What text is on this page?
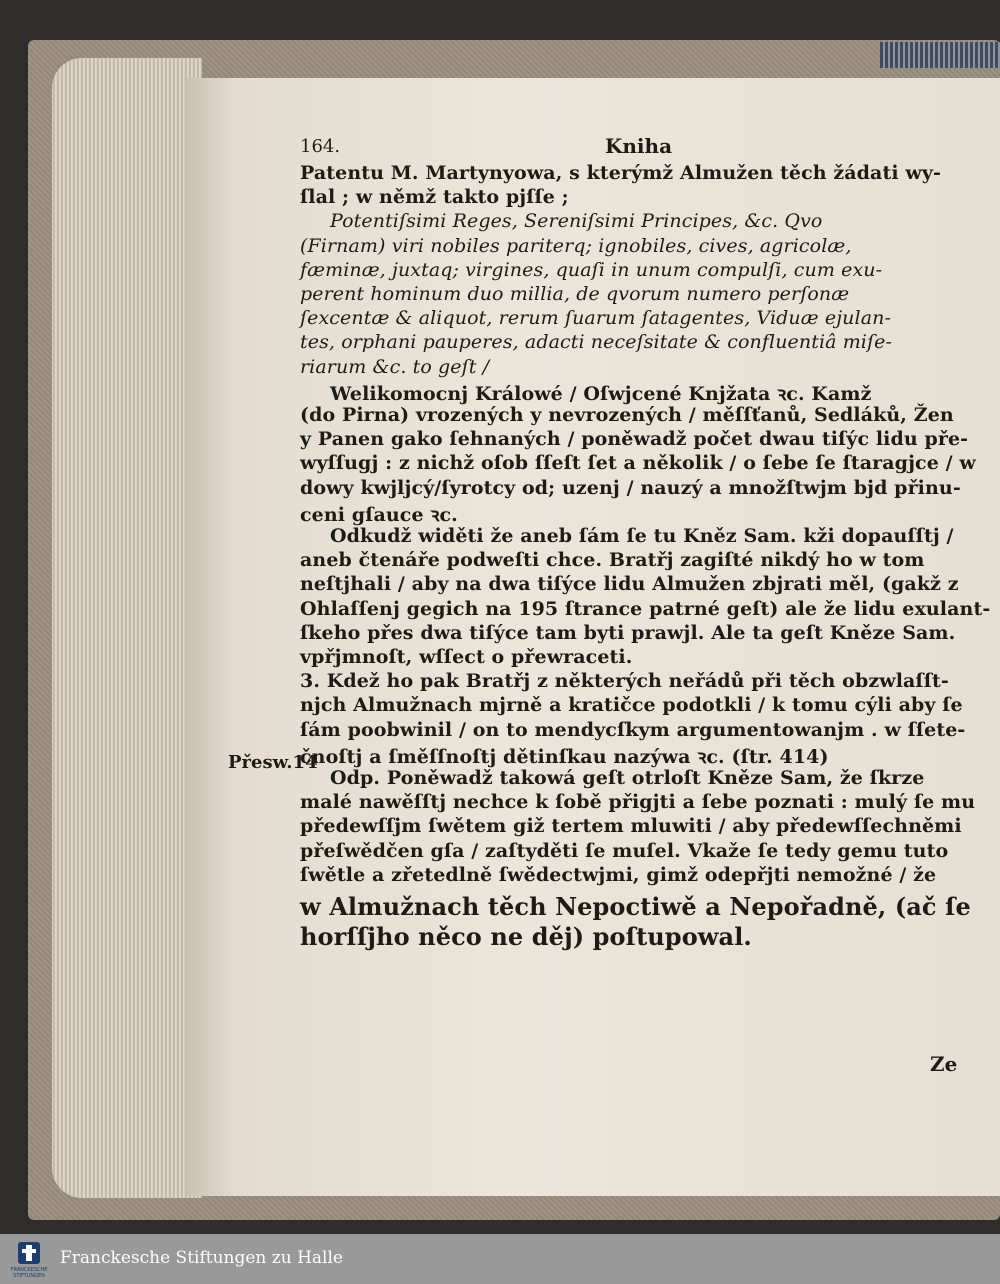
164.	Kniha
Patentu M. Martynyowa, s kterýmž Almužen těch žádati wy-
ſlal ; w němž takto pjſſe ;
Potentiſsimi Reges, Sereniſsimi Principes, &c. Qvo
(Firnam) viri nobiles pariterq; ignobiles, cives, agricolæ,
fæminæ, juxtaq; virgines, quaſi in unum compulſi, cum exu-
perent hominum duo millia, de qvorum numero perſonæ
ſexcentæ & aliquot, rerum ſuarum ſatagentes, Viduæ ejulan-
tes, orphani pauperes, adacti neceſsitate & confluentiâ miſe-
riarum &c. to geſt /
Welikomocnj Králowé / Oſwjcené Knjžata ꝛc. Kamž
(do Pirna) vrozených y nevrozených / měſſťanů, Sedláků, Žen
y Panen gako ſehnaných / poněwadž počet dwau tiſýc lidu pře-
wyſſugj : z nichž oſob ſſeſt ſet a několik / o ſebe ſe ſtaragjce / w
dowy kwjljcý/ſyrotcy od; uzenj / nauzý a množſtwjm bjd přinu-
ceni gſauce ꝛc.
Odkudž widěti že aneb ſám ſe tu Kněz Sam. kži dopauſſtj /
aneb čtenáře podweſti chce. Bratřj zagiſté nikdý ho w tom
neſtjhali / aby na dwa tiſýce lidu Almužen zbjrati měl, (gakž z
Ohlaſſenj gegich na 195 ſtrance patrné geſt) ale že lidu exulant-
ſkeho přes dwa tiſýce tam byti prawjl. Ale ta geſt Kněze Sam.
vpřjmnoſt, wſſect o přewraceti.
3. Kdež ho pak Bratřj z některých neřádů při těch obzwlaſſt-
njch Almužnach mjrně a kratičce podotkli / k tomu cýli aby ſe
ſám poobwinil / on to mendycſkym argumentowanjm . w ſſete-
čnoſtj a ſměſſnoſtj dětinſkau nazýwa ꝛc. (ſtr. 414)
Odp. Poněwadž takowá geſt otrloſt Kněze Sam, že ſkrze
malé nawěſſtj nechce k ſobě přigjti a ſebe poznati : mulý ſe mu
předewſſjm ſwětem giž tertem mluwiti / aby předewſſechněmi
přeſwědčen gſa / zaſtyděti ſe muſel. Vkaže ſe tedy gemu tuto
ſwětle a zřetedlně ſwědectwjmi, gimž odepřjti nemožné / že
w Almužnach těch Nepoctiwě a Nepořadně, (ač ſe
horſſjho něco ne děj) poſtupowal.
Přesw.14
Ze
FRANCKESCHE
STIFTUNGEN
Franckesche Stiftungen zu Halle
